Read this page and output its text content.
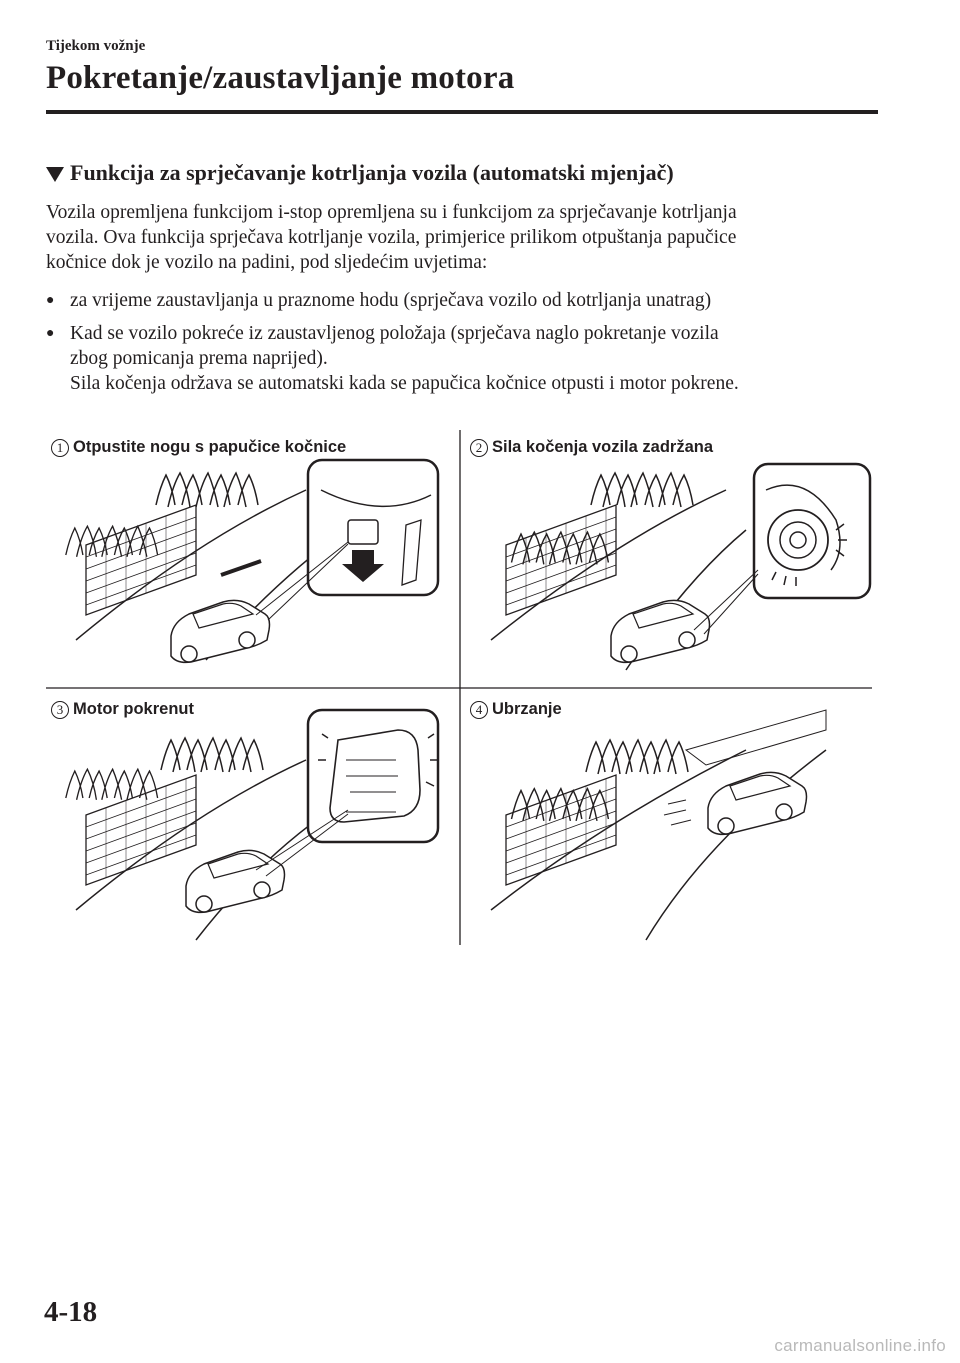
Tijekom vožnje
Pokretanje/zaustavljanje motora
Funkcija za sprječavanje kotrljanja vozila (automatski mjenjač)

Vozila opremljena funkcijom i-stop opremljena su i funkcijom za sprječavanje kotrljanja

vozila. Ova funkcija sprječava kotrljanje vozila, primjerice prilikom otpuštanja papučice

kočnice dok je vozilo na padini, pod sljedećim uvjetima:

● za vrijeme zaustavljanja u praznome hodu (sprječava vozilo od kotrljanja unatrag)
● Kad se vozilo pokreće iz zaustavljenog položaja (sprječava naglo pokretanje vozila
zbog pomicanja prema naprijed).
Sila kočenja održava se automatski kada se papučica kočnice otpusti i motor pokrene.
1 Otpustite nogu s papučice kočnice	2 Sila kočenja vozila zadržana
3 Motor pokrenut	4 Ubrzanje
4-18
carmanualsonline.info
